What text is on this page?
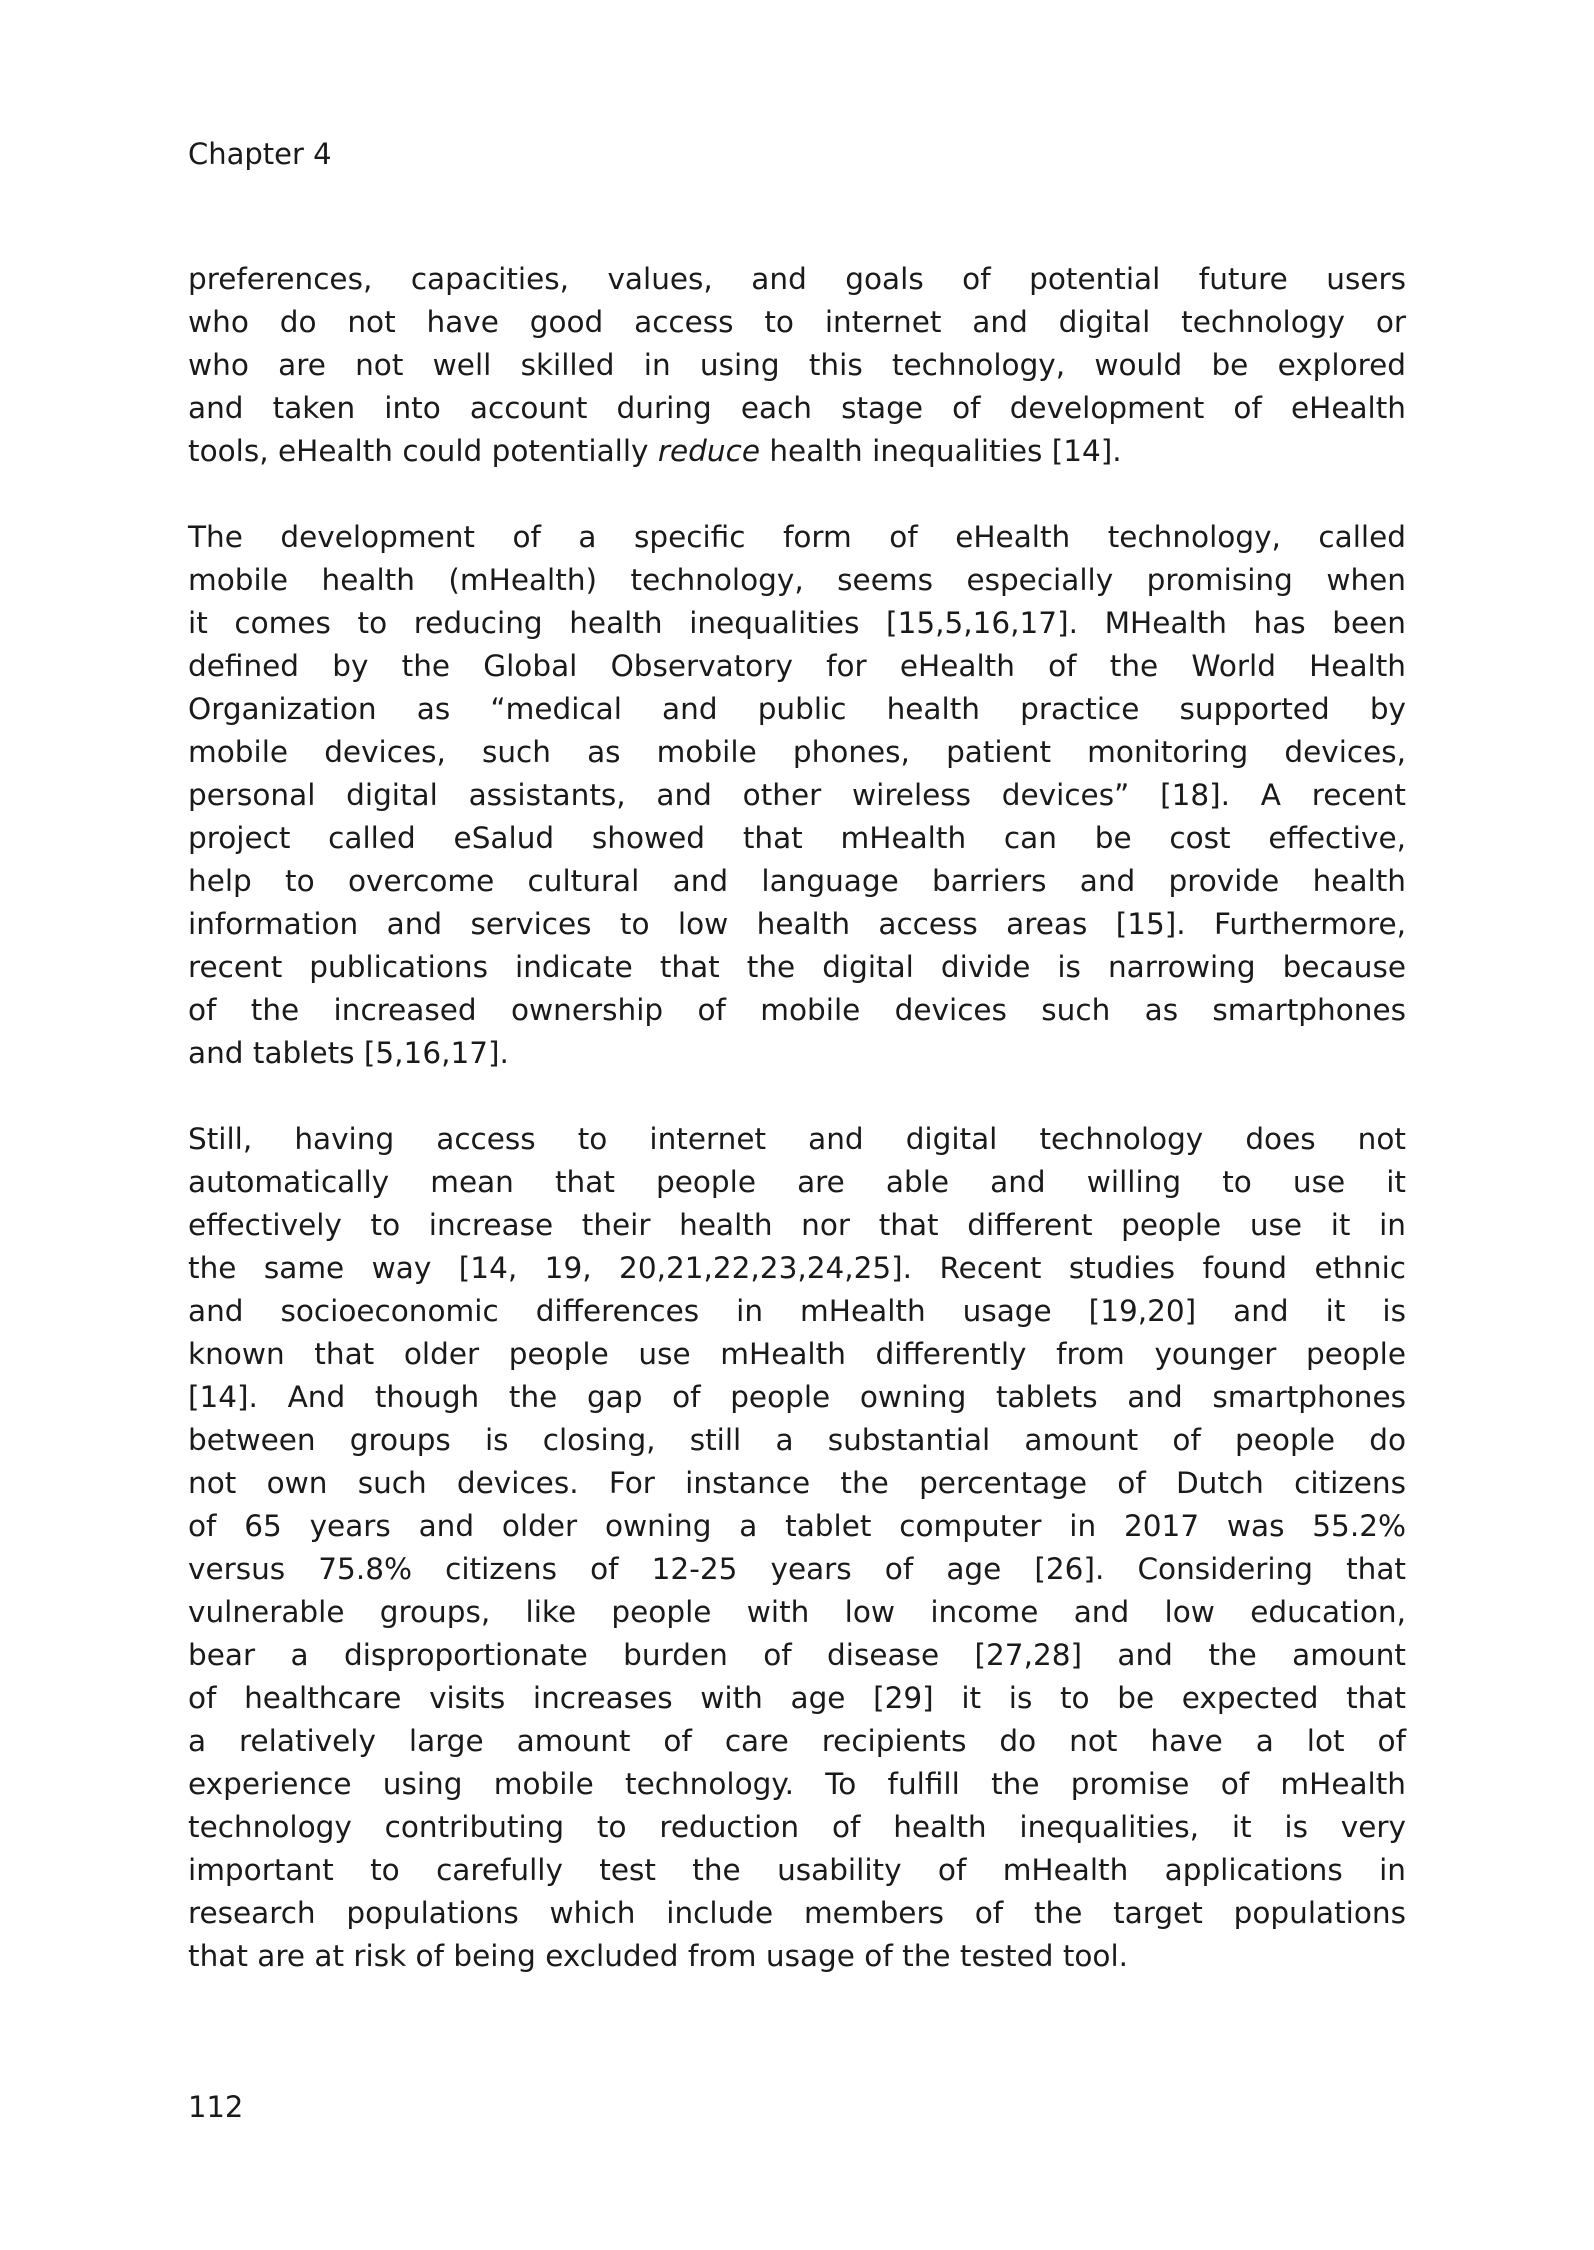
Chapter 4
preferences, capacities, values, and goals of potential future users
who do not have good access to internet and digital technology or
who are not well skilled in using this technology, would be explored
and taken into account during each stage of development of eHealth
tools, eHealth could potentially reduce health inequalities [14].
The development of a specific form of eHealth technology, called
mobile health (mHealth) technology, seems especially promising when
it comes to reducing health inequalities [15,5,16,17]. MHealth has been
defined by the Global Observatory for eHealth of the World Health
Organization as “medical and public health practice supported by
mobile devices, such as mobile phones, patient monitoring devices,
personal digital assistants, and other wireless devices” [18]. A recent
project called eSalud showed that mHealth can be cost effective,
help to overcome cultural and language barriers and provide health
information and services to low health access areas [15]. Furthermore,
recent publications indicate that the digital divide is narrowing because
of the increased ownership of mobile devices such as smartphones
and tablets [5,16,17].
Still, having access to internet and digital technology does not
automatically mean that people are able and willing to use it
effectively to increase their health nor that different people use it in
the same way [14, 19, 20,21,22,23,24,25]. Recent studies found ethnic
and socioeconomic differences in mHealth usage [19,20] and it is
known that older people use mHealth differently from younger people
[14]. And though the gap of people owning tablets and smartphones
between groups is closing, still a substantial amount of people do
not own such devices. For instance the percentage of Dutch citizens
of 65 years and older owning a tablet computer in 2017 was 55.2%
versus 75.8% citizens of 12-25 years of age [26]. Considering that
vulnerable groups, like people with low income and low education,
bear a disproportionate burden of disease [27,28] and the amount
of healthcare visits increases with age [29] it is to be expected that
a relatively large amount of care recipients do not have a lot of
experience using mobile technology. To fulfill the promise of mHealth
technology contributing to reduction of health inequalities, it is very
important to carefully test the usability of mHealth applications in
research populations which include members of the target populations
that are at risk of being excluded from usage of the tested tool.
112
